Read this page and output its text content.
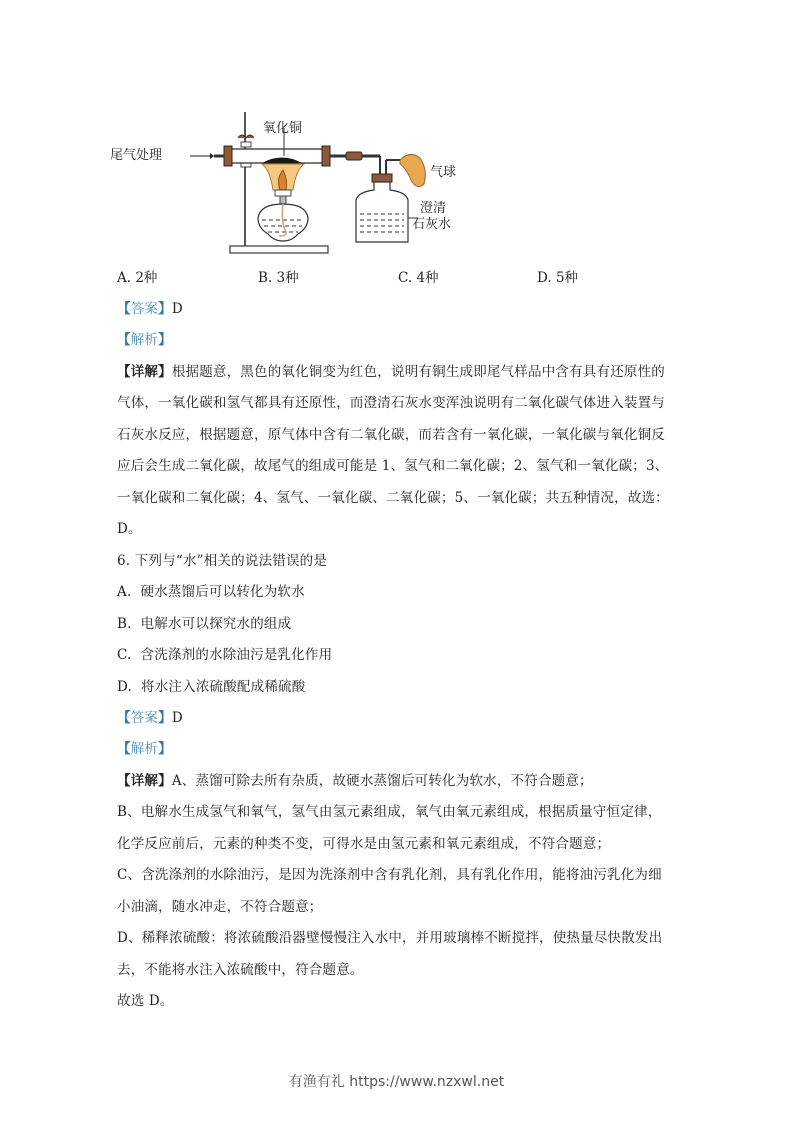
尾气处理
氧化铜
气球
澄清
石灰水
A. 2种	B. 3种	C. 4种	D. 5种
【答案】D
【解析】
【详解】根据题意，黑色的氧化铜变为红色，说明有铜生成即尾气样品中含有具有还原性的
气体，一氧化碳和氢气都具有还原性，而澄清石灰水变浑浊说明有二氧化碳气体进入装置与
石灰水反应，根据题意，原气体中含有二氧化碳，而若含有一氧化碳，一氧化碳与氧化铜反
应后会生成二氧化碳，故尾气的组成可能是 1、氢气和二氧化碳；2、氢气和一氧化碳；3、
一氧化碳和二氧化碳；4、氢气、一氧化碳、二氧化碳；5、一氧化碳；共五种情况，故选：
D。
6. 下列与“水”相关的说法错误的是
A. 硬水蒸馏后可以转化为软水
B. 电解水可以探究水的组成
C. 含洗涤剂的水除油污是乳化作用
D. 将水注入浓硫酸配成稀硫酸
【答案】D
【解析】
【详解】A、蒸馏可除去所有杂质，故硬水蒸馏后可转化为软水，不符合题意；
B、电解水生成氢气和氧气，氢气由氢元素组成，氧气由氧元素组成，根据质量守恒定律，
化学反应前后，元素的种类不变，可得水是由氢元素和氧元素组成，不符合题意；
C、含洗涤剂的水除油污，是因为洗涤剂中含有乳化剂，具有乳化作用，能将油污乳化为细
小油滴，随水冲走，不符合题意；
D、稀释浓硫酸：将浓硫酸沿器壁慢慢注入水中，并用玻璃棒不断搅拌，使热量尽快散发出
去，不能将水注入浓硫酸中，符合题意。
故选 D。
有渔有礼 https://www.nzxwl.net
